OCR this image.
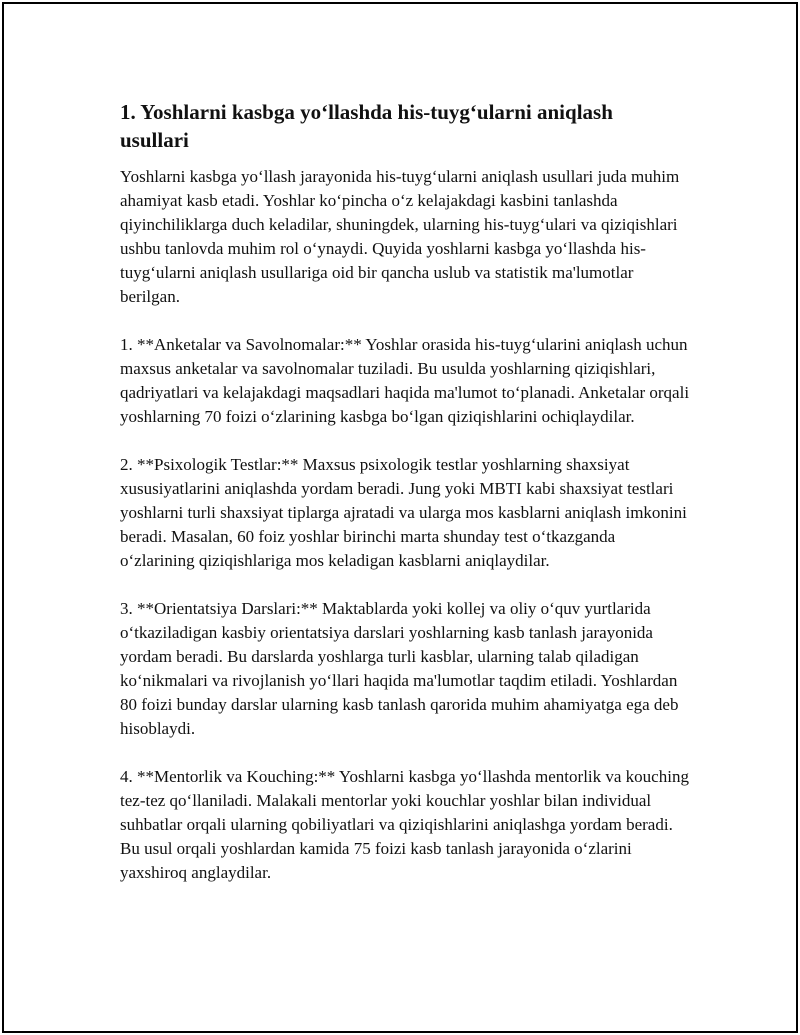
1. Yoshlarni kasbga yo‘llashda his-tuyg‘ularni aniqlash usullari

Yoshlarni kasbga yo‘llash jarayonida his-tuyg‘ularni aniqlash usullari juda muhim ahamiyat kasb etadi. Yoshlar ko‘pincha o‘z kelajakdagi kasbini tanlashda qiyinchiliklarga duch keladilar, shuningdek, ularning his-tuyg‘ulari va qiziqishlari ushbu tanlovda muhim rol o‘ynaydi. Quyida yoshlarni kasbga yo‘llashda his-tuyg‘ularni aniqlash usullariga oid bir qancha uslub va statistik ma'lumotlar berilgan.

1. **Anketalar va Savolnomalar:** Yoshlar orasida his-tuyg‘ularini aniqlash uchun maxsus anketalar va savolnomalar tuziladi. Bu usulda yoshlarning qiziqishlari, qadriyatlari va kelajakdagi maqsadlari haqida ma'lumot to‘planadi. Anketalar orqali yoshlarning 70 foizi o‘zlarining kasbga bo‘lgan qiziqishlarini ochiqlaydilar.

2. **Psixologik Testlar:** Maxsus psixologik testlar yoshlarning shaxsiyat xususiyatlarini aniqlashda yordam beradi. Jung yoki MBTI kabi shaxsiyat testlari yoshlarni turli shaxsiyat tiplarga ajratadi va ularga mos kasblarni aniqlash imkonini beradi. Masalan, 60 foiz yoshlar birinchi marta shunday test o‘tkazganda o‘zlarining qiziqishlariga mos keladigan kasblarni aniqlaydilar.

3. **Orientatsiya Darslari:** Maktablarda yoki kollej va oliy o‘quv yurtlarida o‘tkaziladigan kasbiy orientatsiya darslari yoshlarning kasb tanlash jarayonida yordam beradi. Bu darslarda yoshlarga turli kasblar, ularning talab qiladigan ko‘nikmalari va rivojlanish yo‘llari haqida ma'lumotlar taqdim etiladi. Yoshlardan 80 foizi bunday darslar ularning kasb tanlash qarorida muhim ahamiyatga ega deb hisoblaydi.

4. **Mentorlik va Kouching:** Yoshlarni kasbga yo‘llashda mentorlik va kouching tez-tez qo‘llaniladi. Malakali mentorlar yoki kouchlar yoshlar bilan individual suhbatlar orqali ularning qobiliyatlari va qiziqishlarini aniqlashga yordam beradi. Bu usul orqali yoshlardan kamida 75 foizi kasb tanlash jarayonida o‘zlarini yaxshiroq anglaydilar.
